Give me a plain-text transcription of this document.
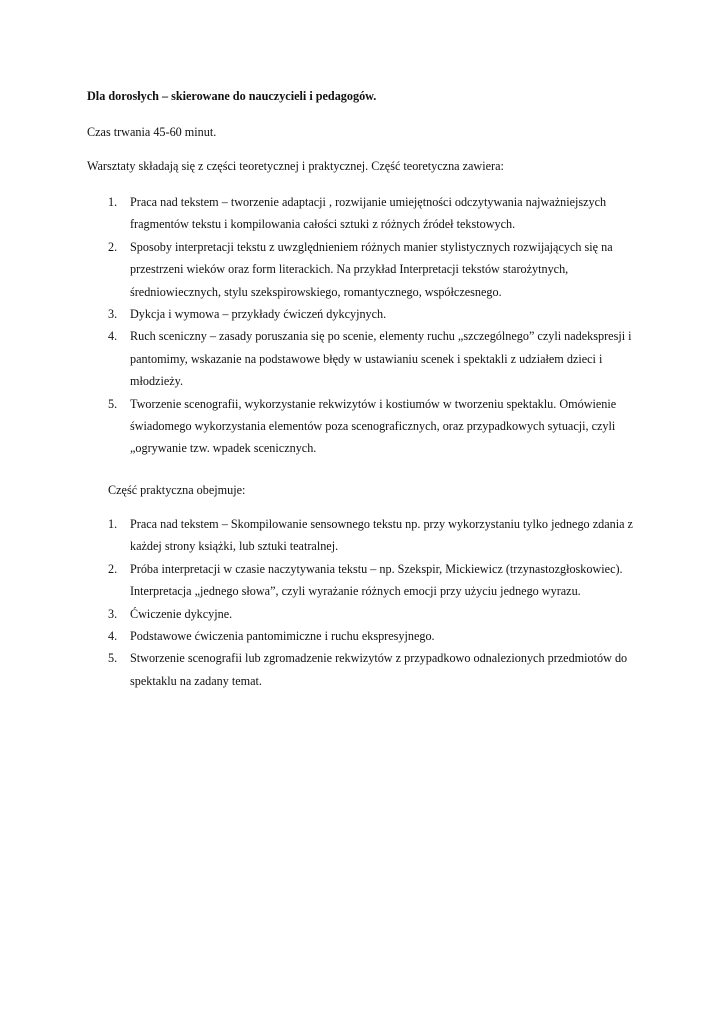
Dla dorosłych – skierowane do nauczycieli i pedagogów.

Czas trwania 45-60 minut.

Warsztaty składają się z części teoretycznej i praktycznej. Część teoretyczna zawiera:

1.	Praca nad tekstem – tworzenie adaptacji , rozwijanie umiejętności odczytywania najważniejszych
fragmentów tekstu i kompilowania całości sztuki z różnych źródeł tekstowych.
2.	Sposoby interpretacji tekstu z uwzględnieniem różnych manier stylistycznych rozwijających się na
przestrzeni wieków oraz form literackich. Na przykład Interpretacji tekstów starożytnych,
średniowiecznych, stylu szekspirowskiego, romantycznego, współczesnego.
3.	Dykcja i wymowa – przykłady ćwiczeń dykcyjnych.
4.	Ruch sceniczny – zasady poruszania się po scenie, elementy ruchu „szczególnego” czyli nadekspresji i
pantomimy, wskazanie na podstawowe błędy w ustawianiu scenek i spektakli z udziałem dzieci i
młodzieży.
5.	Tworzenie scenografii, wykorzystanie rekwizytów i kostiumów w tworzeniu spektaklu. Omówienie
świadomego wykorzystania elementów poza scenograficznych, oraz przypadkowych sytuacji, czyli
„ogrywanie tzw. wpadek scenicznych.

Część praktyczna obejmuje:

1.	Praca nad tekstem – Skompilowanie sensownego tekstu np. przy wykorzystaniu tylko jednego zdania z
każdej strony książki, lub sztuki teatralnej.
2.	Próba interpretacji w czasie naczytywania tekstu – np. Szekspir, Mickiewicz (trzynastozgłoskowiec).
Interpretacja „jednego słowa”, czyli wyrażanie różnych emocji przy użyciu jednego wyrazu.
3.	Ćwiczenie dykcyjne.
4.	Podstawowe ćwiczenia pantomimiczne i ruchu ekspresyjnego.
5.	Stworzenie scenografii lub zgromadzenie rekwizytów z przypadkowo odnalezionych przedmiotów do
spektaklu na zadany temat.
